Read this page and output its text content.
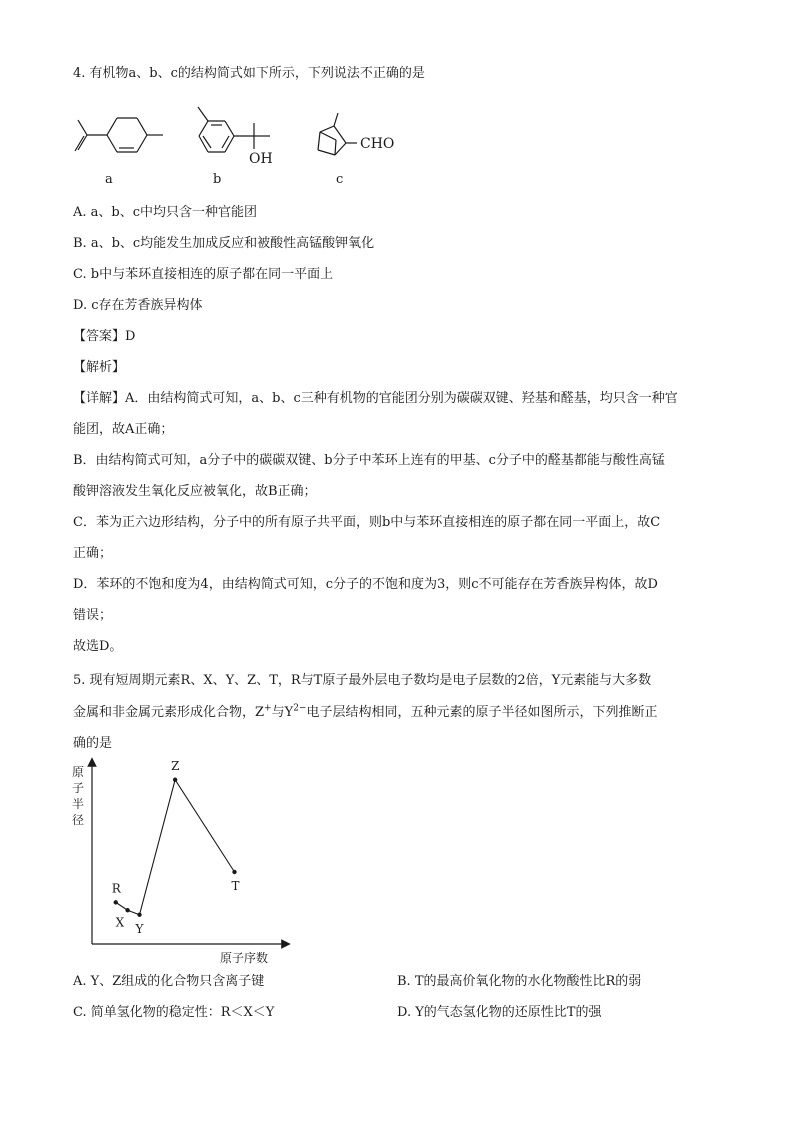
4. 有机物a、b、c的结构简式如下所示，下列说法不正确的是
OH
CHO
a	b	c
A. a、b、c中均只含一种官能团
B. a、b、c均能发生加成反应和被酸性高锰酸钾氧化
C. b中与苯环直接相连的原子都在同一平面上
D. c存在芳香族异构体
【答案】D
【解析】
【详解】A．由结构简式可知，a、b、c三种有机物的官能团分别为碳碳双键、羟基和醛基，均只含一种官
能团，故A正确；
B．由结构简式可知，a分子中的碳碳双键、b分子中苯环上连有的甲基、c分子中的醛基都能与酸性高锰
酸钾溶液发生氧化反应被氧化，故B正确；
C．苯为正六边形结构，分子中的所有原子共平面，则b中与苯环直接相连的原子都在同一平面上，故C
正确；
D．苯环的不饱和度为4，由结构简式可知，c分子的不饱和度为3，则c不可能存在芳香族异构体，故D
错误；
故选D。
5. 现有短周期元素R、X、Y、Z、T，R与T原子最外层电子数均是电子层数的2倍，Y元素能与大多数
金属和非金属元素形成化合物，Z+与$Y^{2-}$电子层结构相同，五种元素的原子半径如图所示，下列推断正
确的是
原子半径
原子序数
R
X Y
Z
T
A. Y、Z组成的化合物只含离子键	B. T的最高价氧化物的水化物酸性比R的弱
C. 简单氢化物的稳定性：R＜X＜Y	D. Y的气态氢化物的还原性比T的强
